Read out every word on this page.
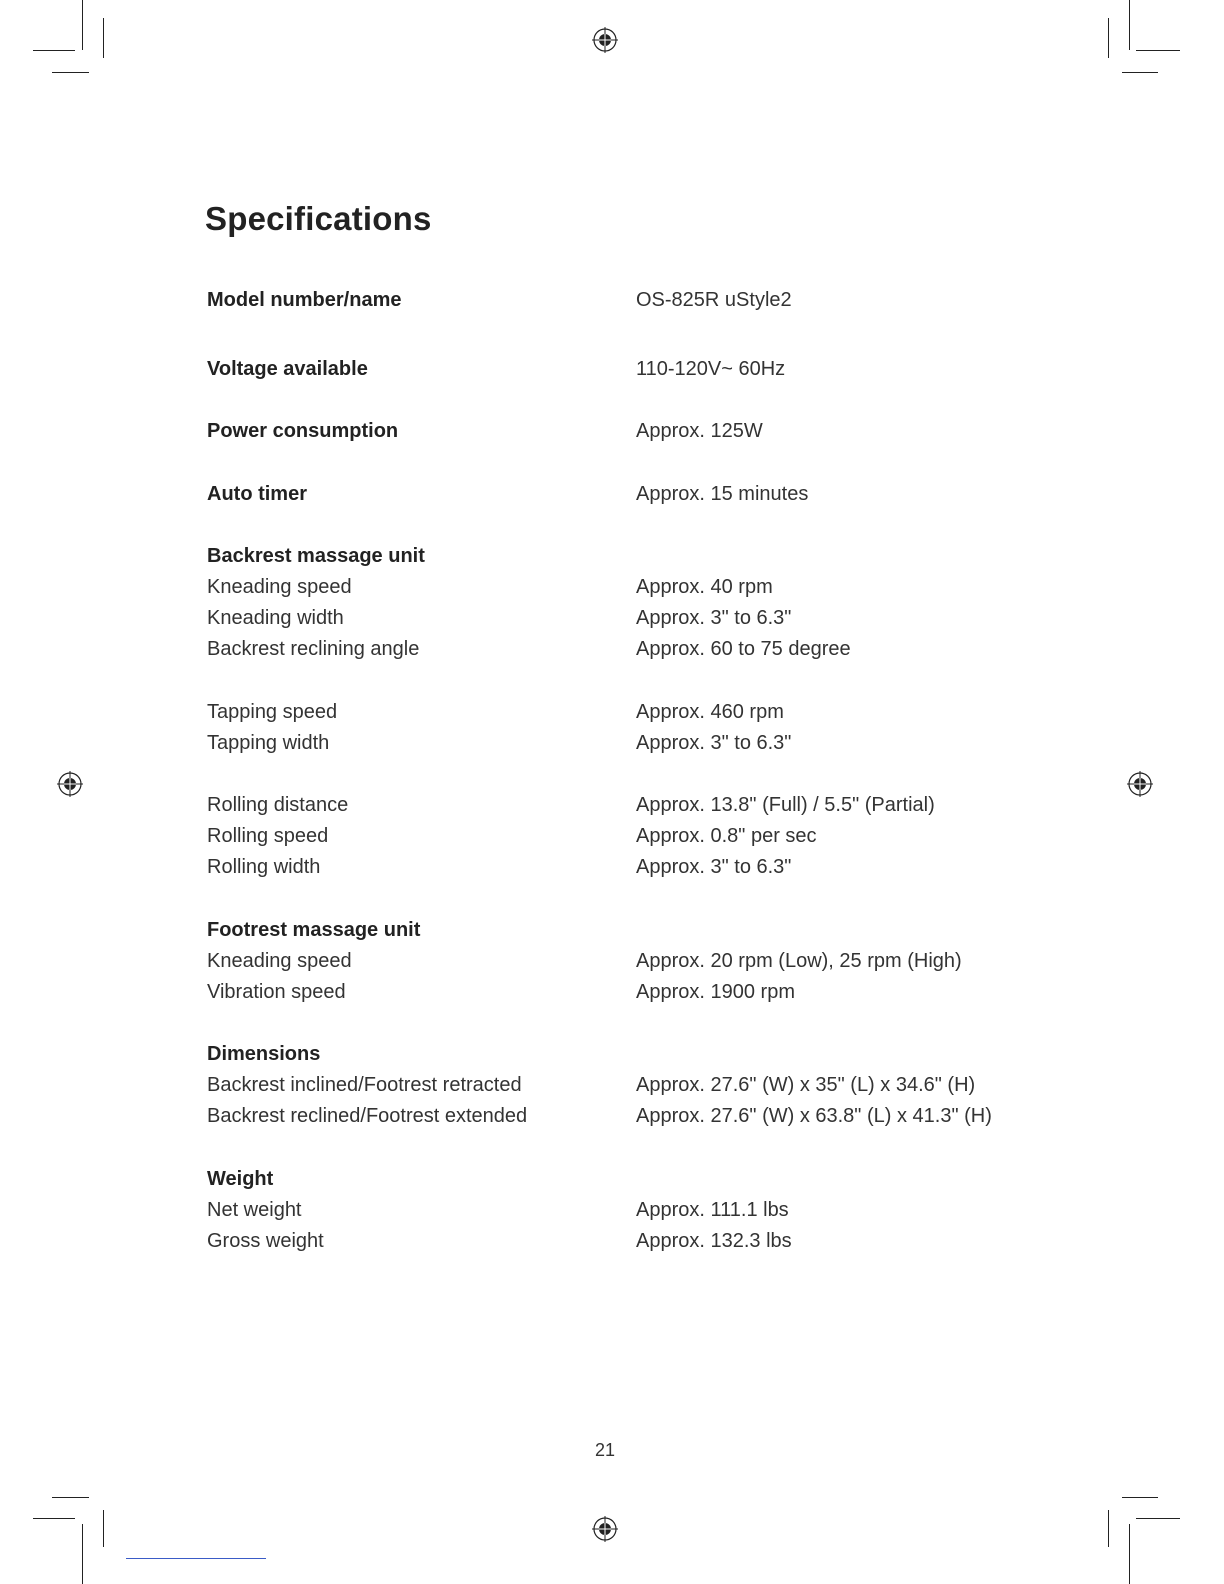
Specifications
Model number/name	OS-825R uStyle2
Voltage available	110-120V~ 60Hz
Power consumption	Approx. 125W
Auto timer	Approx. 15 minutes
Backrest massage unit
Kneading speed	Approx. 40 rpm
Kneading width	Approx. 3" to 6.3"
Backrest reclining angle	Approx. 60 to 75 degree
Tapping speed	Approx. 460 rpm
Tapping width	Approx. 3" to 6.3"
Rolling distance	Approx. 13.8" (Full) / 5.5" (Partial)
Rolling speed	Approx. 0.8" per sec
Rolling width	Approx. 3" to 6.3"
Footrest massage unit
Kneading speed	Approx. 20 rpm (Low), 25 rpm (High)
Vibration speed	Approx. 1900 rpm
Dimensions
Backrest inclined/Footrest retracted	Approx. 27.6" (W) x 35" (L) x 34.6" (H)
Backrest reclined/Footrest extended	Approx. 27.6" (W) x 63.8" (L) x 41.3" (H)
Weight
Net weight	Approx. 111.1 lbs
Gross weight	Approx. 132.3 lbs
21
